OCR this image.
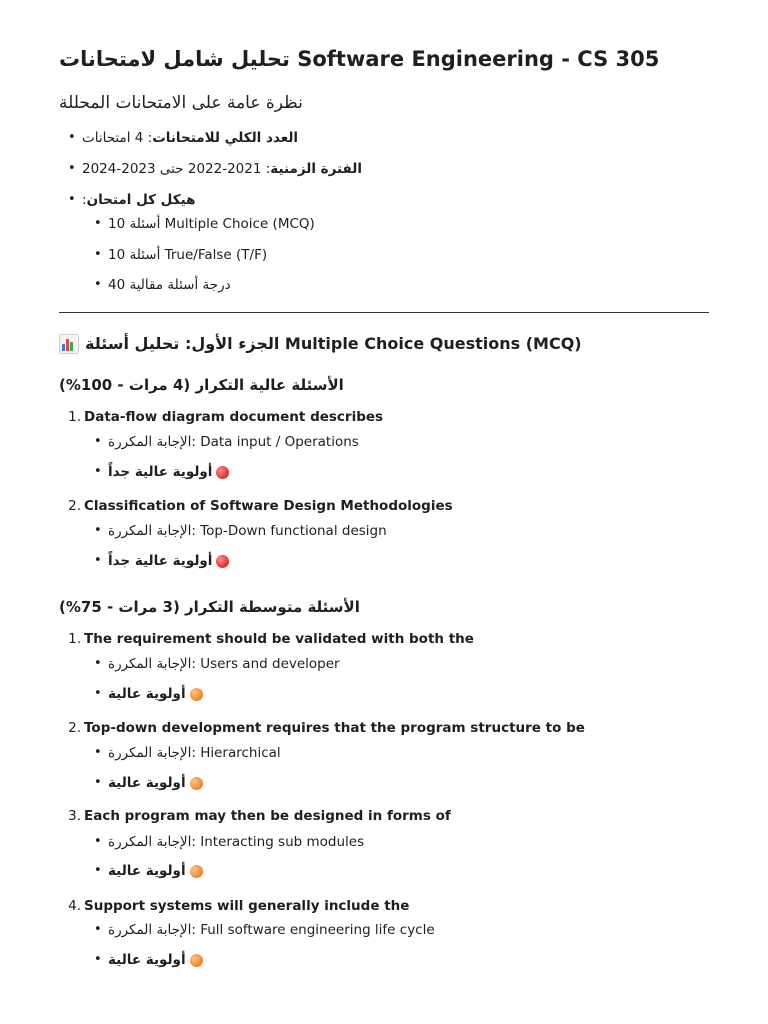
تحليل شامل لامتحانات Software Engineering - CS 305
نظرة عامة على الامتحانات المحللة
•	العدد الكلي للامتحانات: 4 امتحانات
•	الفترة الزمنية: 2021-2022 حتى 2023-2024
• هيكل كل امتحان:
• 10 أسئلة Multiple Choice (MCQ)
• 10 أسئلة True/False (T/F)
• 40 درجة أسئلة مقالية
الجزء الأول: تحليل أسئلة Multiple Choice Questions (MCQ)
الأسئلة عالية التكرار (4 مرات - 100%)
1. Data-flow diagram document describes
• الإجابة المكررة : Data input / Operations
• أولوية عالية جداً
2. Classification of Software Design Methodologies
• الإجابة المكررة : Top-Down functional design
• أولوية عالية جداً
الأسئلة متوسطة التكرار (3 مرات - 75%)
1. The requirement should be validated with both the
• الإجابة المكررة : Users and developer
• أولوية عالية
2. Top-down development requires that the program structure to be
• الإجابة المكررة : Hierarchical
• أولوية عالية
3. Each program may then be designed in forms of
• الإجابة المكررة : Interacting sub modules
• أولوية عالية
4. Support systems will generally include the
• الإجابة المكررة : Full software engineering life cycle
• أولوية عالية
